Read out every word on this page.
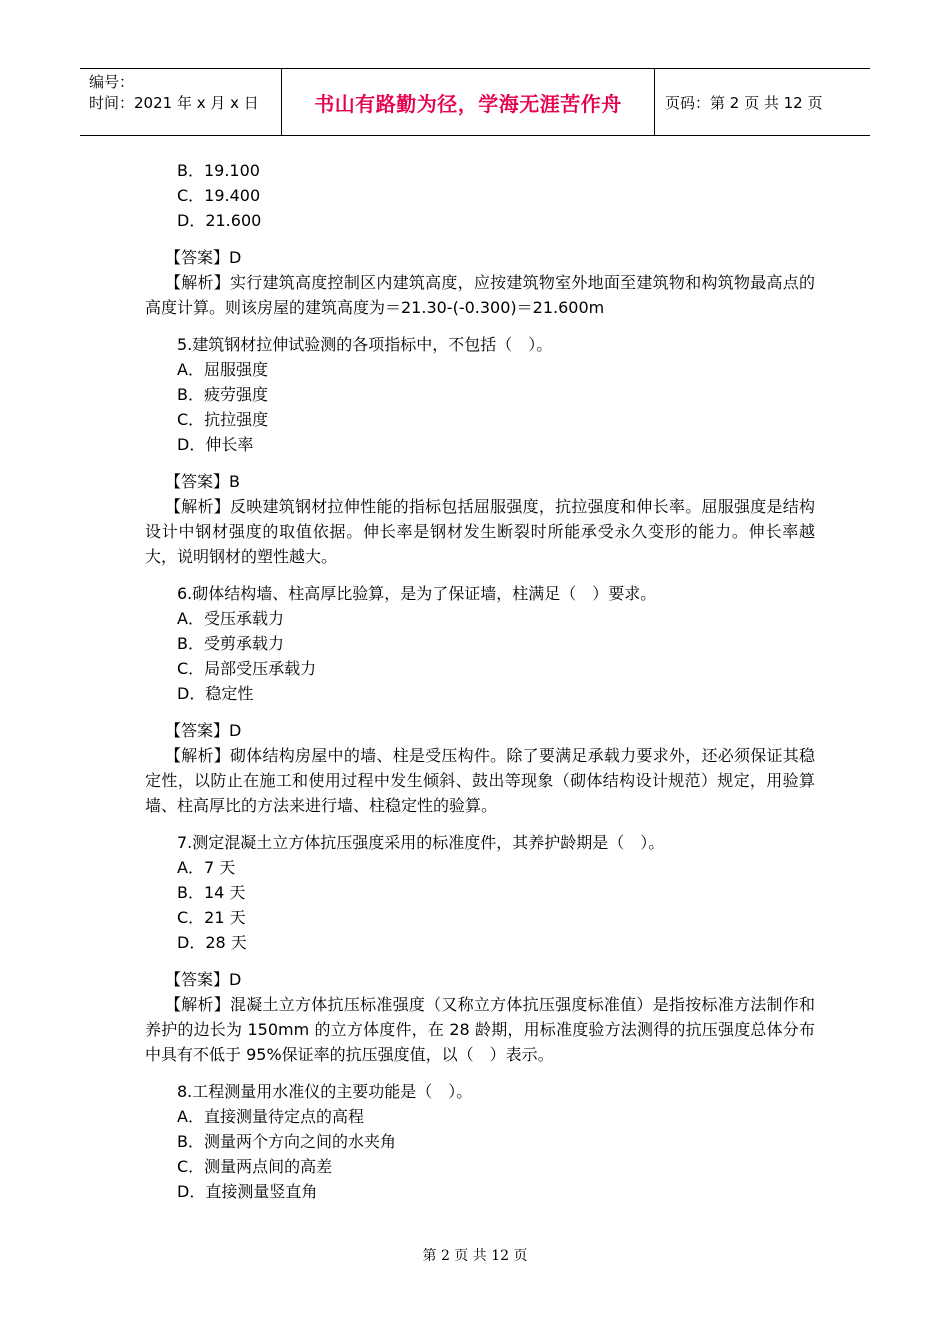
编号：
时间：2021 年 x 月 x 日	书山有路勤为径，学海无涯苦作舟	页码：第 2 页 共 12 页
B．19.100
C．19.400
D．21.600
【答案】D
【解析】实行建筑高度控制区内建筑高度，应按建筑物室外地面至建筑物和构筑物最高点的高度计算。则该房屋的建筑高度为＝21.30-(-0.300)＝21.600m
5.建筑钢材拉伸试验测的各项指标中，不包括（　）。
A．屈服强度
B．疲劳强度
C．抗拉强度
D．伸长率
【答案】B
【解析】反映建筑钢材拉伸性能的指标包括屈服强度，抗拉强度和伸长率。屈服强度是结构设计中钢材强度的取值依据。伸长率是钢材发生断裂时所能承受永久变形的能力。伸长率越大，说明钢材的塑性越大。
6.砌体结构墙、柱高厚比验算，是为了保证墙，柱满足（　）要求。
A．受压承载力
B．受剪承载力
C．局部受压承载力
D．稳定性
【答案】D
【解析】砌体结构房屋中的墙、柱是受压构件。除了要满足承载力要求外，还必须保证其稳定性，以防止在施工和使用过程中发生倾斜、鼓出等现象（砌体结构设计规范）规定，用验算墙、柱高厚比的方法来进行墙、柱稳定性的验算。
7.测定混凝土立方体抗压强度采用的标准度件，其养护龄期是（　）。
A．7 天
B．14 天
C．21 天
D．28 天
【答案】D
【解析】混凝土立方体抗压标准强度（又称立方体抗压强度标准值）是指按标准方法制作和养护的边长为 150mm 的立方体度件，在 28 龄期，用标准度验方法测得的抗压强度总体分布中具有不低于 95%保证率的抗压强度值，以（　）表示。
8.工程测量用水准仪的主要功能是（　）。
A．直接测量待定点的高程
B．测量两个方向之间的水夹角
C．测量两点间的高差
D．直接测量竖直角
第 2 页 共 12 页
